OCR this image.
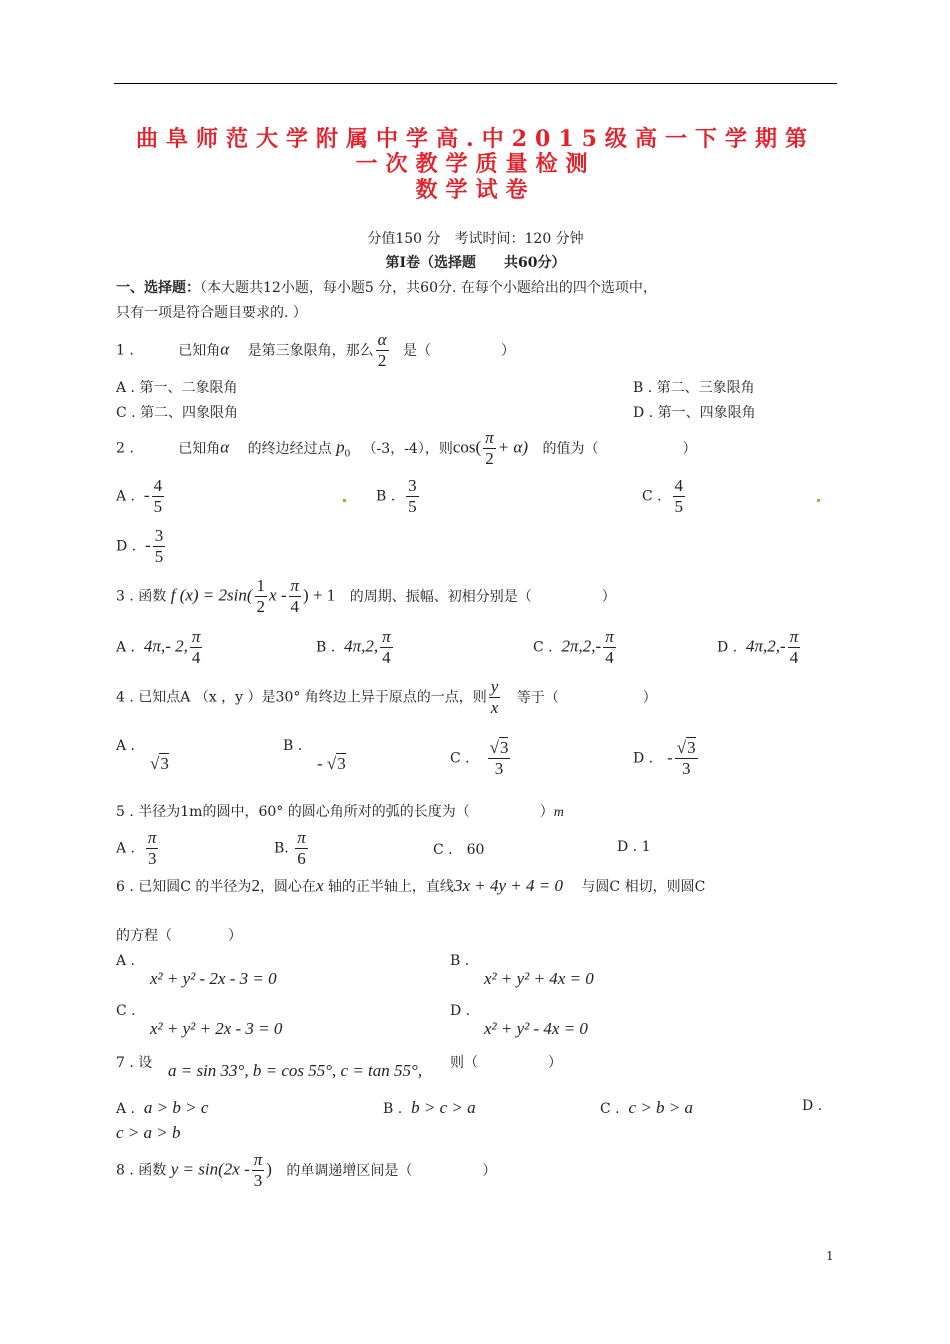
曲阜师范大学附属中学高.中2015级高一下学期第
一次教学质量检测
数学试卷
分值150 分　考试时间：120 分钟
第Ⅰ卷（选择题　　共60分）
一、选择题：（本大题共12小题，每小题5 分，共60分. 在每个小题给出的四个选项中，
只有一项是符合题目要求的. ）
1 .	已知角α 是第三象限角，那么 $\frac{\alpha}{2}$ 是（　　　　　）
A . 第一、二象限角	B . 第二、三象限角
C . 第二、四象限角	D . 第一、四象限角
2 .	已知角α 的终边经过点 $p_0$ （-3，-4），则$\cos( \frac{\pi}{2} + \alpha)$ 的值为（　　　　　　）
A . - $\frac{4}{5}$	B . $\frac{3}{5}$	C . $\frac{4}{5}$
D . - $\frac{3}{5}$
3 . 函数 f $(x) = 2\sin( \frac{1}{2}$ x - $\frac{\pi}{4}$ ) + 1 的周期、振幅、初相分别是（　　　　　）
A . 4π,- 2, $\frac{\pi}{4}$	B . 4π,2, $\frac{\pi}{4}$	C . $2\pi,2,- \frac{\pi}{4}$	D . $4\pi,2,- \frac{\pi}{4}$
4 . 已知点A （x ，y ）是30° 角终边上异于原点的一点，则 $\frac{y}{x}$ 等于（　　　　　　）
A .
√3
B .
- √3	C . $\frac{√3}{3}$	D . - $\frac{√3}{3}$
5 . 半径为1m的圆中，60° 的圆心角所对的弧的长度为（　　　　　）m
A . $\frac{\pi}{3}$	B. $\frac{\pi}{6}$	C .　60	D . 1
6 . 已知圆C 的半径为2，圆心在x 轴的正半轴上，直线3x + 4y + 4 = 0 与圆C 相切，则圆C
的方程（　　　　）
A .
x² + y² - 2x - 3 = 0
B .
x² + y² + 4x = 0
C .
x² + y² + 2x - 3 = 0
D .
x² + y² - 4x = 0
7 . 设 a = sin 33°, b = cos 55°, c = tan 55°, 则（　　　　　）
A . a > b > c	B . b > c > a	C . c > b > a	D .
c > a > b
8 . 函数 $y = \sin(2x - \frac{\pi}{3}$ ) 的单调递增区间是（　　　　　）
1
